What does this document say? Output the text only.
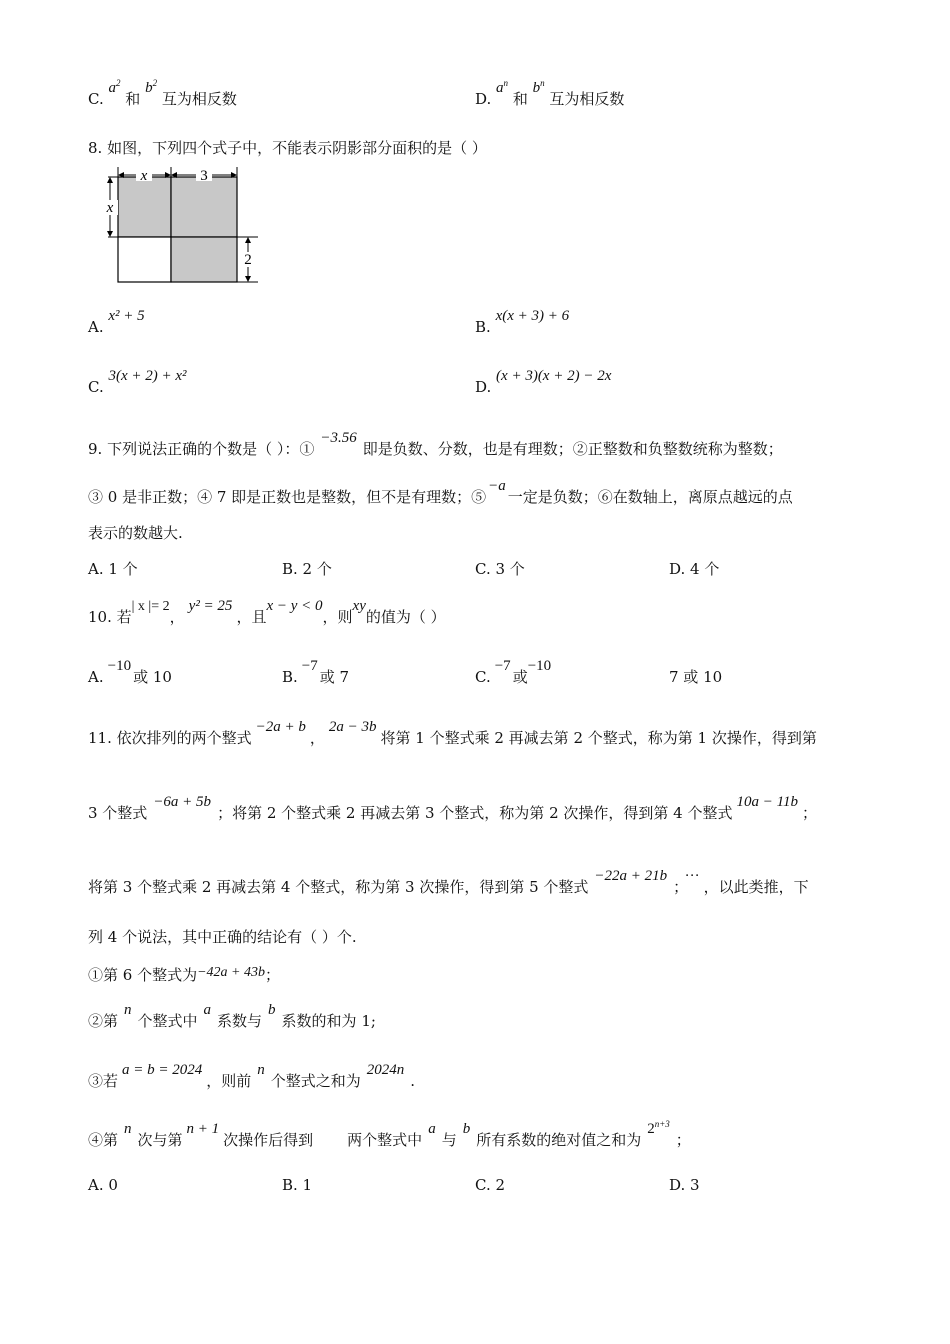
C. $a^2$ 和 $b^2$ 互为相反数	D. $a^n$ 和 $b^n$ 互为相反数
8. 如图，下列四个式子中，不能表示阴影部分面积的是（ ）
x	3
x
2
A. x² + 5
B. x(x + 3) + 6
C. 3(x + 2) + x²
D. (x + 3)(x + 2) − 2x
9. 下列说法正确的个数是（ ）：①−3.56即是负数、分数，也是有理数；②正整数和负整数统称为整数；
③ 0 是非正数；④ 7 即是正数也是整数，但不是有理数；⑤−a一定是负数；⑥在数轴上，离原点越远的点
表示的数越大.
A. 1 个	B. 2 个	C. 3 个	D. 4 个
10. 若| x |= 2，y² = 25，且x − y < 0，则xy的值为（ ）
A.−10或 10	B.−7或 7	C.−7或−10
7 或 10
11. 依次排列的两个整式−2a + b，2a − 3b将第 1 个整式乘 2 再减去第 2 个整式，称为第 1 次操作，得到第
3 个整式−6a + 5b；将第 2 个整式乘 2 再减去第 3 个整式，称为第 2 次操作，得到第 4 个整式10a − 11b；
将第 3 个整式乘 2 再减去第 4 个整式，称为第 3 次操作，得到第 5 个整式−22a + 21b；···，以此类推，下
列 4 个说法，其中正确的结论有（ ）个.
①第 6 个整式为−42a + 43b；
②第n个整式中a系数与b系数的和为 1;
③若a = b = 2024，则前n个整式之和为2024n.
④第n次与第n + 1次操作后得到 两个整式中a与b所有系数的绝对值之和为$2^{n+3}$；
A. 0	B. 1	C. 2	D. 3
